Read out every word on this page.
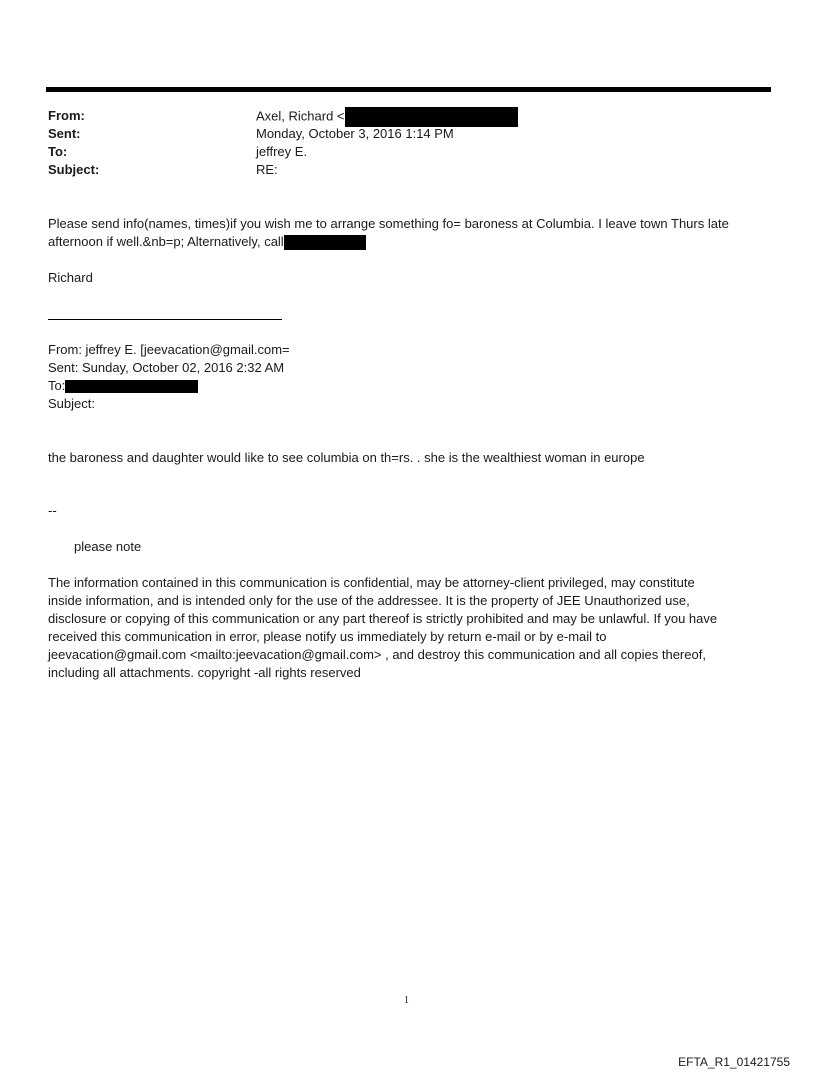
From:	Axel, Richard <
Sent:	Monday, October 3, 2016 1:14 PM
To:	jeffrey E.
Subject:	RE:
Please send info(names, times)if you wish me to arrange something fo= baroness at Columbia. I leave town Thurs late
afternoon if well.&nb=p; Alternatively, call
Richard
From: jeffrey E. [jeevacation@gmail.com=
Sent: Sunday, October 02, 2016 2:32 AM
To:
Subject:
the baroness and daughter would like to see columbia on th=rs. . she is the wealthiest woman in europe
--
please note
The information contained in this communication is confidential, may be attorney-client privileged, may constitute
inside information, and is intended only for the use of the addressee. It is the property of JEE Unauthorized use,
disclosure or copying of this communication or any part thereof is strictly prohibited and may be unlawful. If you have
received this communication in error, please notify us immediately by return e-mail or by e-mail to
jeevacation@gmail.com <mailto:jeevacation@gmail.com> , and destroy this communication and all copies thereof,
including all attachments. copyright -all rights reserved
1
EFTA_R1_01421755
